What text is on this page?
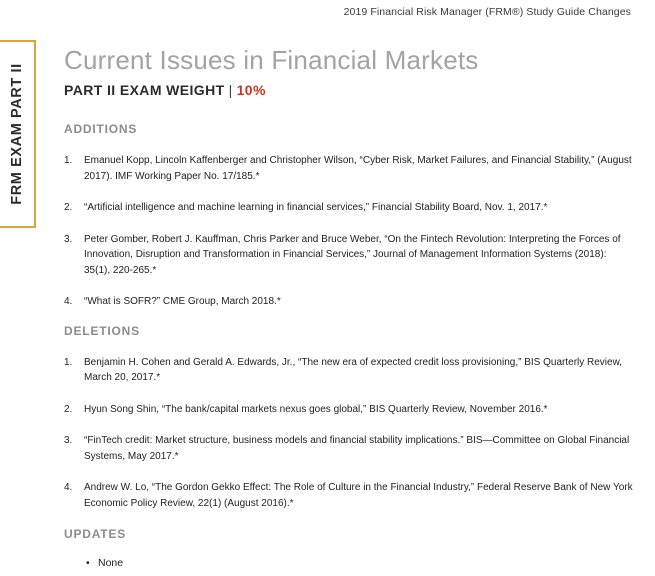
2019 Financial Risk Manager (FRM®) Study Guide Changes
FRM EXAM PART II
Current Issues in Financial Markets
PART II EXAM WEIGHT | 10%
ADDITIONS
1. Emanuel Kopp, Lincoln Kaffenberger and Christopher Wilson, “Cyber Risk, Market Failures, and Financial Stability,” (August 2017). IMF Working Paper No. 17/185.*
2. “Artificial intelligence and machine learning in financial services,” Financial Stability Board, Nov. 1, 2017.*
3. Peter Gomber, Robert J. Kauffman, Chris Parker and Bruce Weber, “On the Fintech Revolution: Interpreting the Forces of Innovation, Disruption and Transformation in Financial Services,” Journal of Management Information Systems (2018): 35(1), 220-265.*
4. “What is SOFR?” CME Group, March 2018.*
DELETIONS
1. Benjamin H. Cohen and Gerald A. Edwards, Jr., “The new era of expected credit loss provisioning,” BIS Quarterly Review, March 20, 2017.*
2. Hyun Song Shin, “The bank/capital markets nexus goes global,” BIS Quarterly Review, November 2016.*
3. “FinTech credit: Market structure, business models and financial stability implications.” BIS—Committee on Global Financial Systems, May 2017.*
4. Andrew W. Lo, “The Gordon Gekko Effect: The Role of Culture in the Financial Industry,” Federal Reserve Bank of New York Economic Policy Review, 22(1) (August 2016).*
UPDATES
• None
